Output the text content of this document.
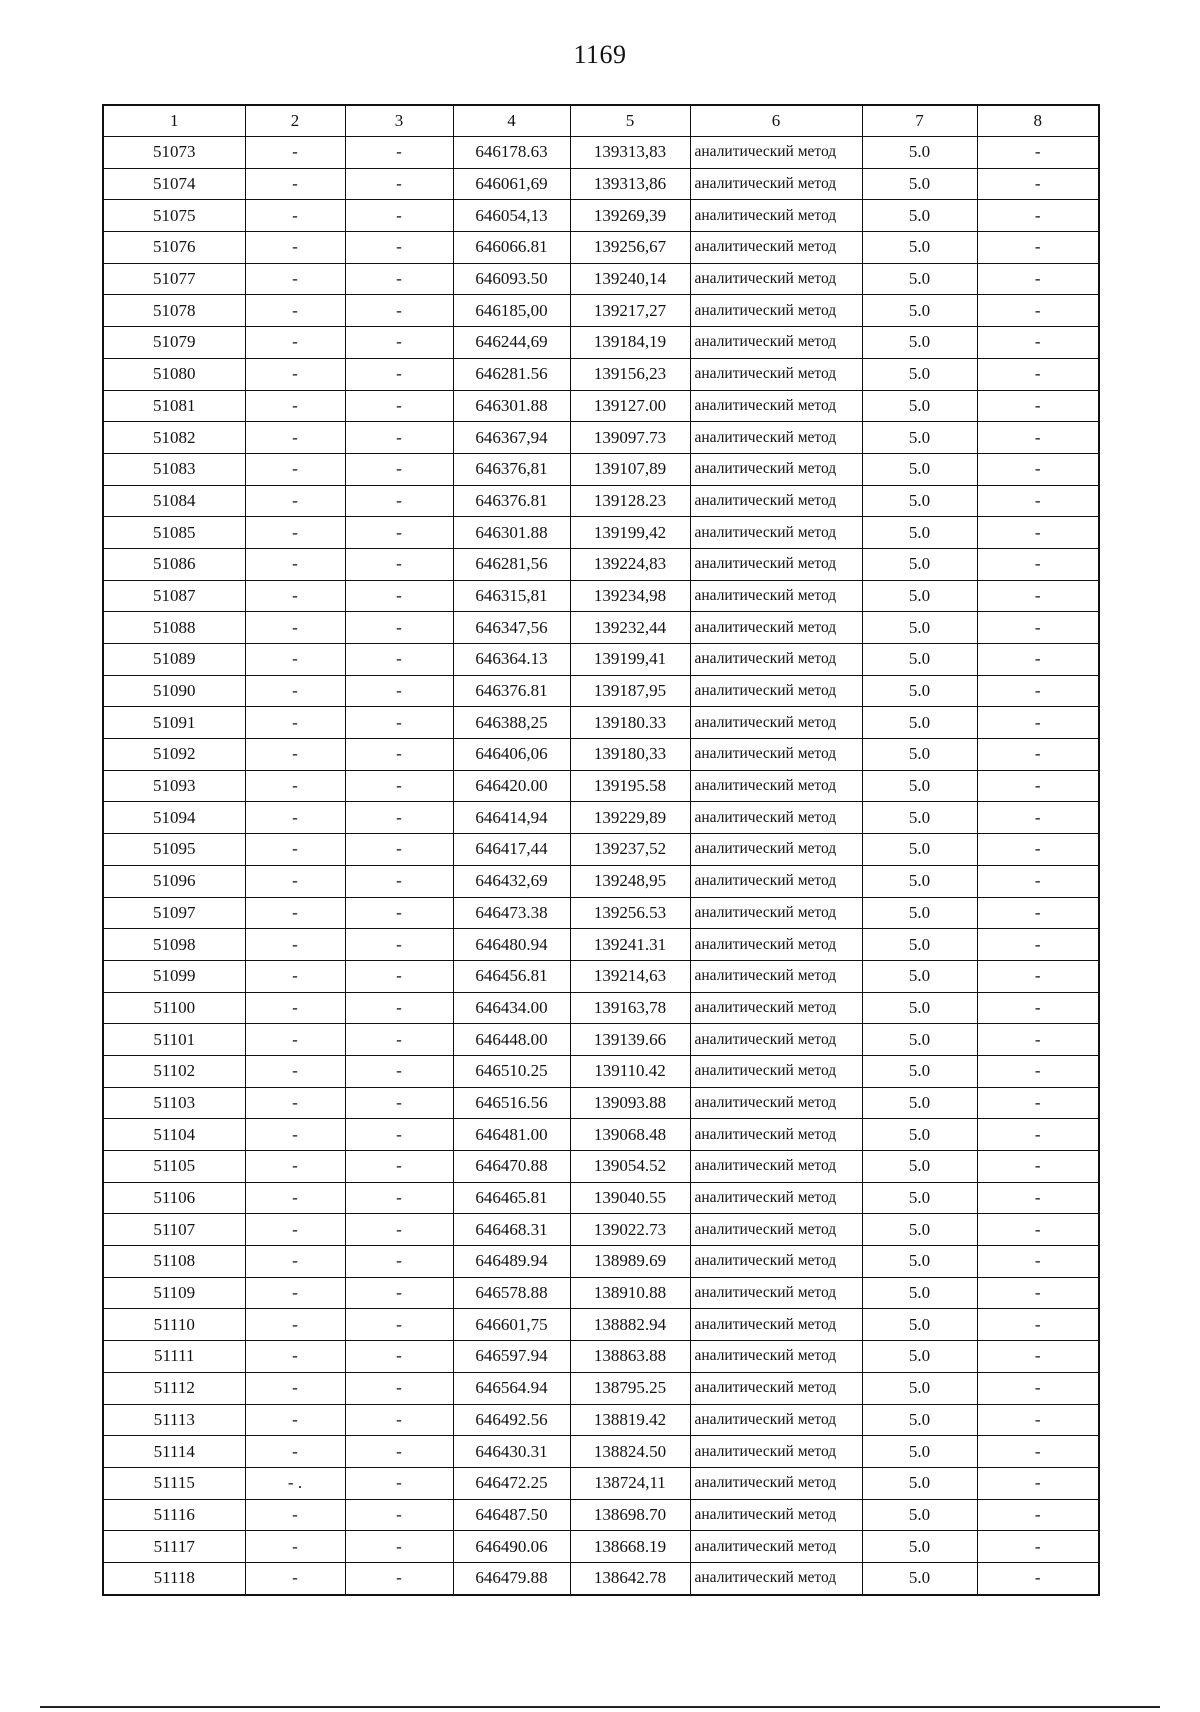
1169
1	2	3	4	5	6	7	8
51073	-	-	646178.63	139313,83	аналитический метод	5.0	-
51074	-	-	646061,69	139313,86	аналитический метод	5.0	-
51075	-	-	646054,13	139269,39	аналитический метод	5.0	-
51076	-	-	646066.81	139256,67	аналитический метод	5.0	-
51077	-	-	646093.50	139240,14	аналитический метод	5.0	-
51078	-	-	646185,00	139217,27	аналитический метод	5.0	-
51079	-	-	646244,69	139184,19	аналитический метод	5.0	-
51080	-	-	646281.56	139156,23	аналитический метод	5.0	-
51081	-	-	646301.88	139127.00	аналитический метод	5.0	-
51082	-	-	646367,94	139097.73	аналитический метод	5.0	-
51083	-	-	646376,81	139107,89	аналитический метод	5.0	-
51084	-	-	646376.81	139128.23	аналитический метод	5.0	-
51085	-	-	646301.88	139199,42	аналитический метод	5.0	-
51086	-	-	646281,56	139224,83	аналитический метод	5.0	-
51087	-	-	646315,81	139234,98	аналитический метод	5.0	-
51088	-	-	646347,56	139232,44	аналитический метод	5.0	-
51089	-	-	646364.13	139199,41	аналитический метод	5.0	-
51090	-	-	646376.81	139187,95	аналитический метод	5.0	-
51091	-	-	646388,25	139180.33	аналитический метод	5.0	-
51092	-	-	646406,06	139180,33	аналитический метод	5.0	-
51093	-	-	646420.00	139195.58	аналитический метод	5.0	-
51094	-	-	646414,94	139229,89	аналитический метод	5.0	-
51095	-	-	646417,44	139237,52	аналитический метод	5.0	-
51096	-	-	646432,69	139248,95	аналитический метод	5.0	-
51097	-	-	646473.38	139256.53	аналитический метод	5.0	-
51098	-	-	646480.94	139241.31	аналитический метод	5.0	-
51099	-	-	646456.81	139214,63	аналитический метод	5.0	-
51100	-	-	646434.00	139163,78	аналитический метод	5.0	-
51101	-	-	646448.00	139139.66	аналитический метод	5.0	-
51102	-	-	646510.25	139110.42	аналитический метод	5.0	-
51103	-	-	646516.56	139093.88	аналитический метод	5.0	-
51104	-	-	646481.00	139068.48	аналитический метод	5.0	-
51105	-	-	646470.88	139054.52	аналитический метод	5.0	-
51106	-	-	646465.81	139040.55	аналитический метод	5.0	-
51107	-	-	646468.31	139022.73	аналитический метод	5.0	-
51108	-	-	646489.94	138989.69	аналитический метод	5.0	-
51109	-	-	646578.88	138910.88	аналитический метод	5.0	-
51110	-	-	646601,75	138882.94	аналитический метод	5.0	-
51111	-	-	646597.94	138863.88	аналитический метод	5.0	-
51112	-	-	646564.94	138795.25	аналитический метод	5.0	-
51113	-	-	646492.56	138819.42	аналитический метод	5.0	-
51114	-	-	646430.31	138824.50	аналитический метод	5.0	-
51115	- .	-	646472.25	138724,11	аналитический метод	5.0	-
51116	-	-	646487.50	138698.70	аналитический метод	5.0	-
51117	-	-	646490.06	138668.19	аналитический метод	5.0	-
51118	-	-	646479.88	138642.78	аналитический метод	5.0	-
